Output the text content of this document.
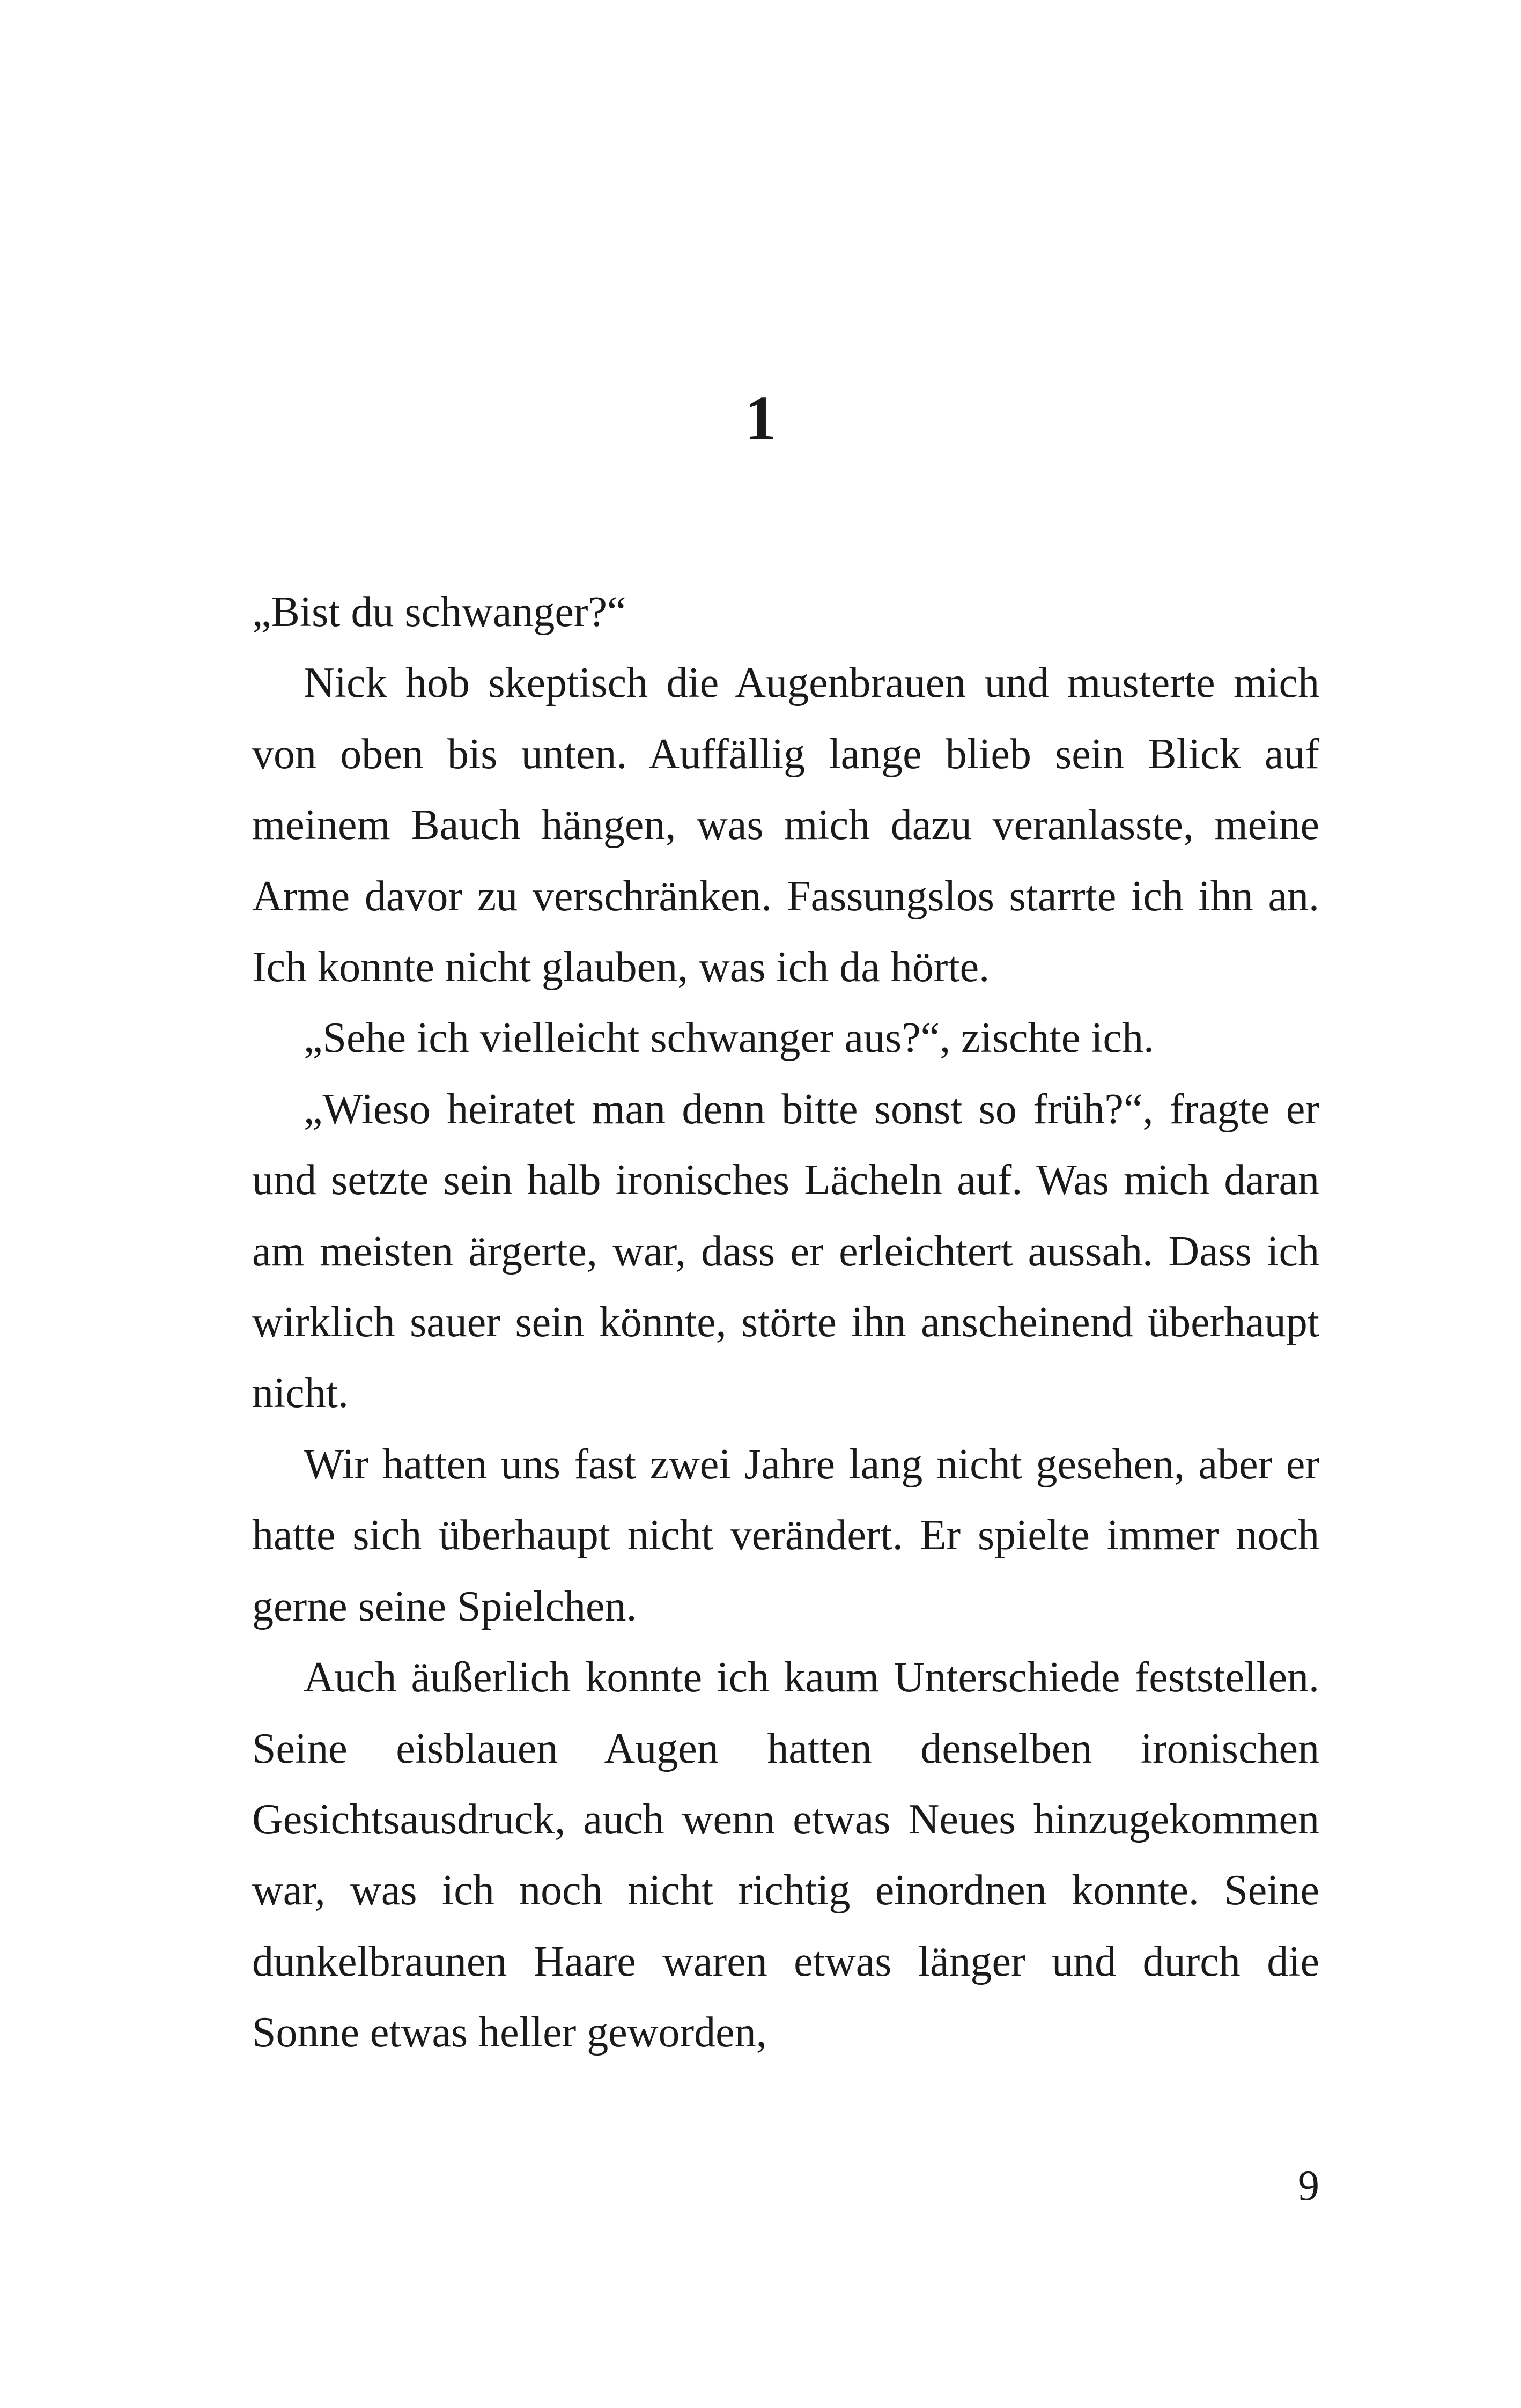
1

„Bist du schwanger?“

Nick hob skeptisch die Augenbrauen und musterte mich von oben bis unten. Auffällig lange blieb sein Blick auf meinem Bauch hängen, was mich dazu veranlasste, meine Arme davor zu verschränken. Fassungslos starrte ich ihn an. Ich konnte nicht glauben, was ich da hörte.

„Sehe ich vielleicht schwanger aus?“, zischte ich.

„Wieso heiratet man denn bitte sonst so früh?“, fragte er und setzte sein halb ironisches Lächeln auf. Was mich daran am meisten ärgerte, war, dass er erleichtert aussah. Dass ich wirklich sauer sein könnte, störte ihn anscheinend überhaupt nicht.

Wir hatten uns fast zwei Jahre lang nicht gesehen, aber er hatte sich überhaupt nicht verändert. Er spielte immer noch gerne seine Spielchen.

Auch äußerlich konnte ich kaum Unterschiede feststellen. Seine eisblauen Augen hatten denselben ironischen Gesichtsausdruck, auch wenn etwas Neues hinzugekommen war, was ich noch nicht richtig einordnen konnte. Seine dunkelbraunen Haare waren etwas länger und durch die Sonne etwas heller geworden,

9
